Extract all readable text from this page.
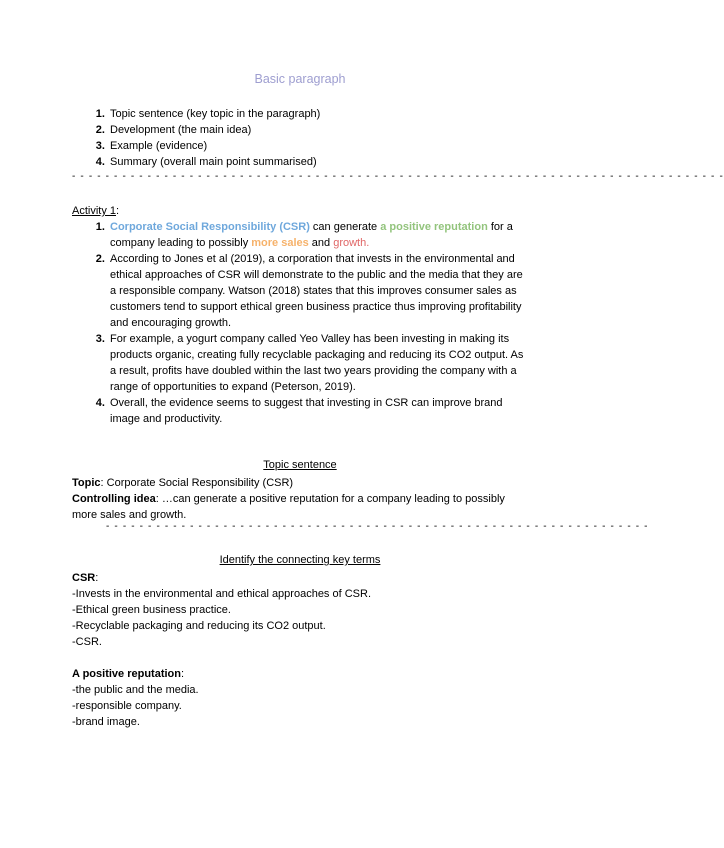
Basic paragraph
1. Topic sentence (key topic in the paragraph)
2. Development (the main idea)
3. Example (evidence)
4. Summary (overall main point summarised)
- - - - - - - - - - - - - - - - - - - - - - - - - - - - - - - - - - - - - - - - - - - - - - - - - - - - - - - - - - - - - - - - - - - - - - - - - - - - - -
Activity 1:
1. Corporate Social Responsibility (CSR) can generate a positive reputation for a company leading to possibly more sales and growth.
2. According to Jones et al (2019), a corporation that invests in the environmental and ethical approaches of CSR will demonstrate to the public and the media that they are a responsible company. Watson (2018) states that this improves consumer sales as customers tend to support ethical green business practice thus improving profitability and encouraging growth.
3. For example, a yogurt company called Yeo Valley has been investing in making its products organic, creating fully recyclable packaging and reducing its CO2 output. As a result, profits have doubled within the last two years providing the company with a range of opportunities to expand (Peterson, 2019).
4. Overall, the evidence seems to suggest that investing in CSR can improve brand image and productivity.
Topic sentence

Topic: Corporate Social Responsibility (CSR)

Controlling idea: …can generate a positive reputation for a company leading to possibly more sales and growth.

- - - - - - - - - - - - - - - - - - - - - - - - - - - - - - - - - - - - - - - - - - - - - - - - - - - - - - - - - - - - - - - - -
Identify the connecting key terms

CSR:

-Invests in the environmental and ethical approaches of CSR.

-Ethical green business practice.

-Recyclable packaging and reducing its CO2 output.

-CSR.

A positive reputation:

-the public and the media.

-responsible company.

-brand image.
